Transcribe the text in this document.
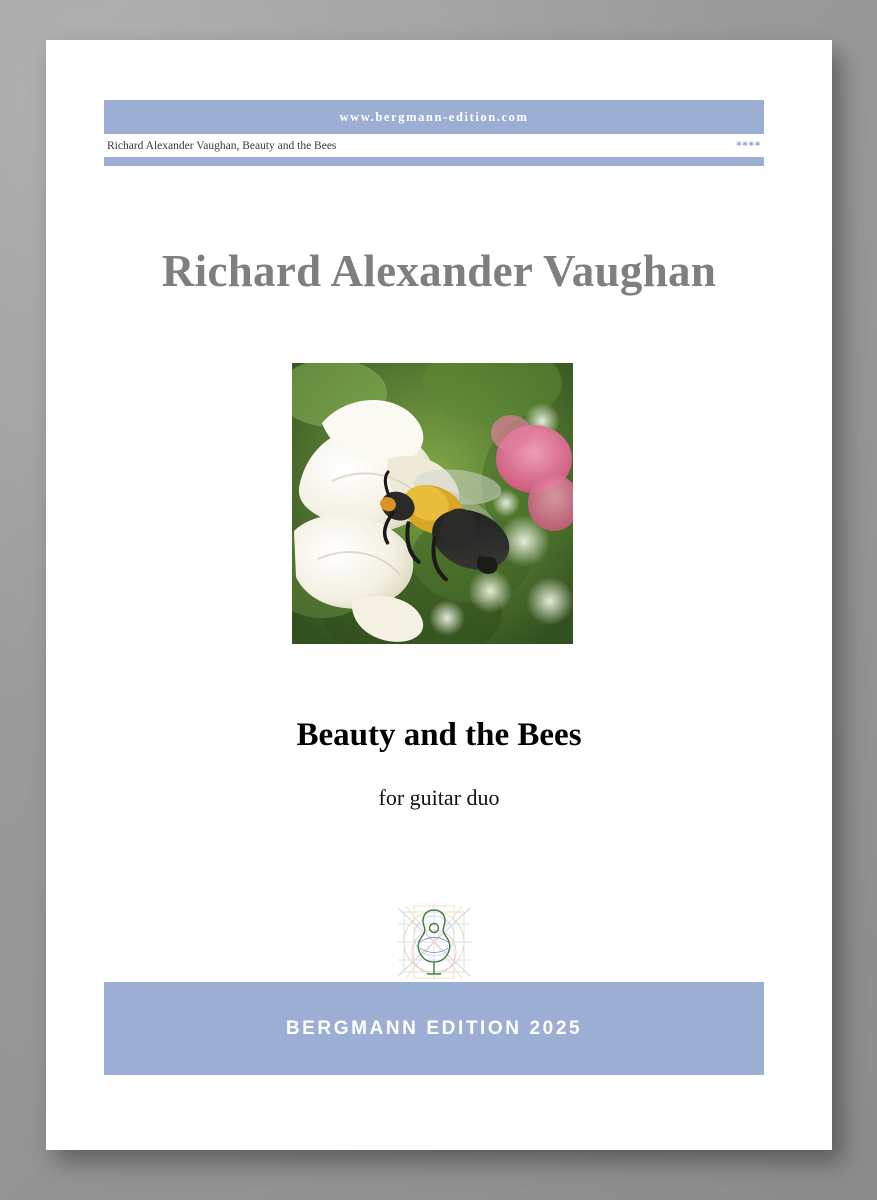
www.bergmann-edition.com
Richard Alexander Vaughan, Beauty and the Bees	****
Richard Alexander Vaughan
Beauty and the Bees
for guitar duo
BERGMANN EDITION 2025
